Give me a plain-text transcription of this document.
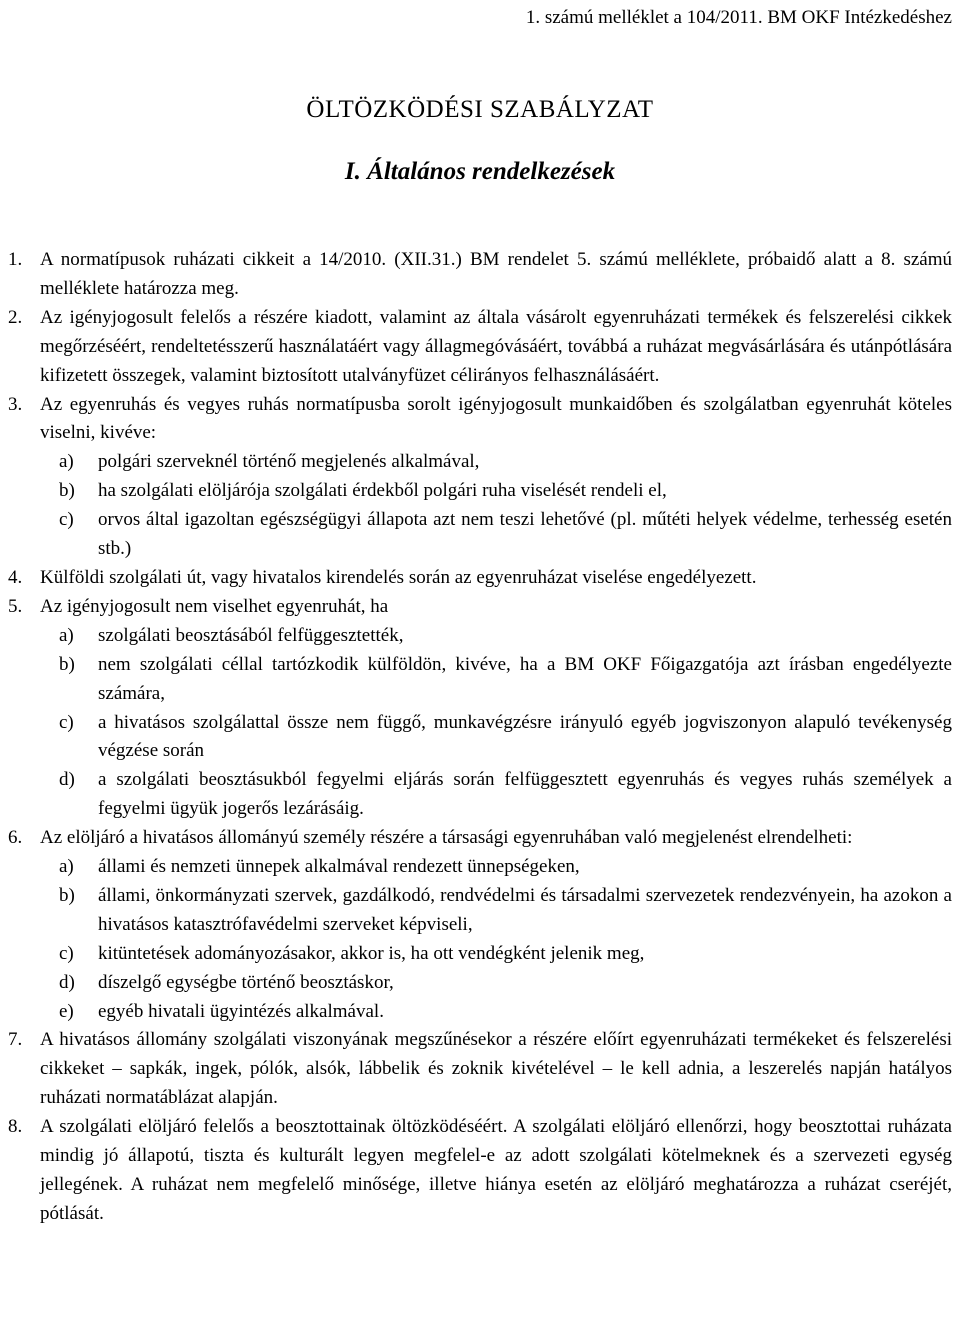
1. számú melléklet a 104/2011. BM OKF Intézkedéshez
ÖLTÖZKÖDÉSI SZABÁLYZAT
I. Általános rendelkezések
1. A normatípusok ruházati cikkeit a 14/2010. (XII.31.) BM rendelet 5. számú melléklete, próbaidő alatt a 8. számú melléklete határozza meg.
2. Az igényjogosult felelős a részére kiadott, valamint az általa vásárolt egyenruházati termékek és felszerelési cikkek megőrzéséért, rendeltetésszerű használatáért vagy állagmegóvásáért, továbbá a ruházat megvásárlására és utánpótlására kifizetett összegek, valamint biztosított utalványfüzet célirányos felhasználásáért.
3. Az egyenruhás és vegyes ruhás normatípusba sorolt igényjogosult munkaidőben és szolgálatban egyenruhát köteles viselni, kivéve:
a) polgári szerveknél történő megjelenés alkalmával,
b) ha szolgálati elöljárója szolgálati érdekből polgári ruha viselését rendeli el,
c) orvos által igazoltan egészségügyi állapota azt nem teszi lehetővé (pl. műtéti helyek védelme, terhesség esetén stb.)
4. Külföldi szolgálati út, vagy hivatalos kirendelés során az egyenruházat viselése engedélyezett.
5. Az igényjogosult nem viselhet egyenruhát, ha
a) szolgálati beosztásából felfüggesztették,
b) nem szolgálati céllal tartózkodik külföldön, kivéve, ha a BM OKF Főigazgatója azt írásban engedélyezte számára,
c) a hivatásos szolgálattal össze nem függő, munkavégzésre irányuló egyéb jogviszonyon alapuló tevékenység végzése során
d) a szolgálati beosztásukból fegyelmi eljárás során felfüggesztett egyenruhás és vegyes ruhás személyek a fegyelmi ügyük jogerős lezárásáig.
6. Az elöljáró a hivatásos állományú személy részére a társasági egyenruhában való megjelenést elrendelheti:
a) állami és nemzeti ünnepek alkalmával rendezett ünnepségeken,
b) állami, önkormányzati szervek, gazdálkodó, rendvédelmi és társadalmi szervezetek rendezvényein, ha azokon a hivatásos katasztrófavédelmi szerveket képviseli,
c) kitüntetések adományozásakor, akkor is, ha ott vendégként jelenik meg,
d) díszelgő egységbe történő beosztáskor,
e) egyéb hivatali ügyintézés alkalmával.
7. A hivatásos állomány szolgálati viszonyának megszűnésekor a részére előírt egyenruházati termékeket és felszerelési cikkeket – sapkák, ingek, pólók, alsók, lábbelik és zoknik kivételével – le kell adnia, a leszerelés napján hatályos ruházati normatáblázat alapján.
8. A szolgálati elöljáró felelős a beosztottainak öltözködéséért. A szolgálati elöljáró ellenőrzi, hogy beosztottai ruházata mindig jó állapotú, tiszta és kulturált legyen megfelel-e az adott szolgálati kötelmeknek és a szervezeti egység jellegének. A ruházat nem megfelelő minősége, illetve hiánya esetén az elöljáró meghatározza a ruházat cseréjét, pótlását.
